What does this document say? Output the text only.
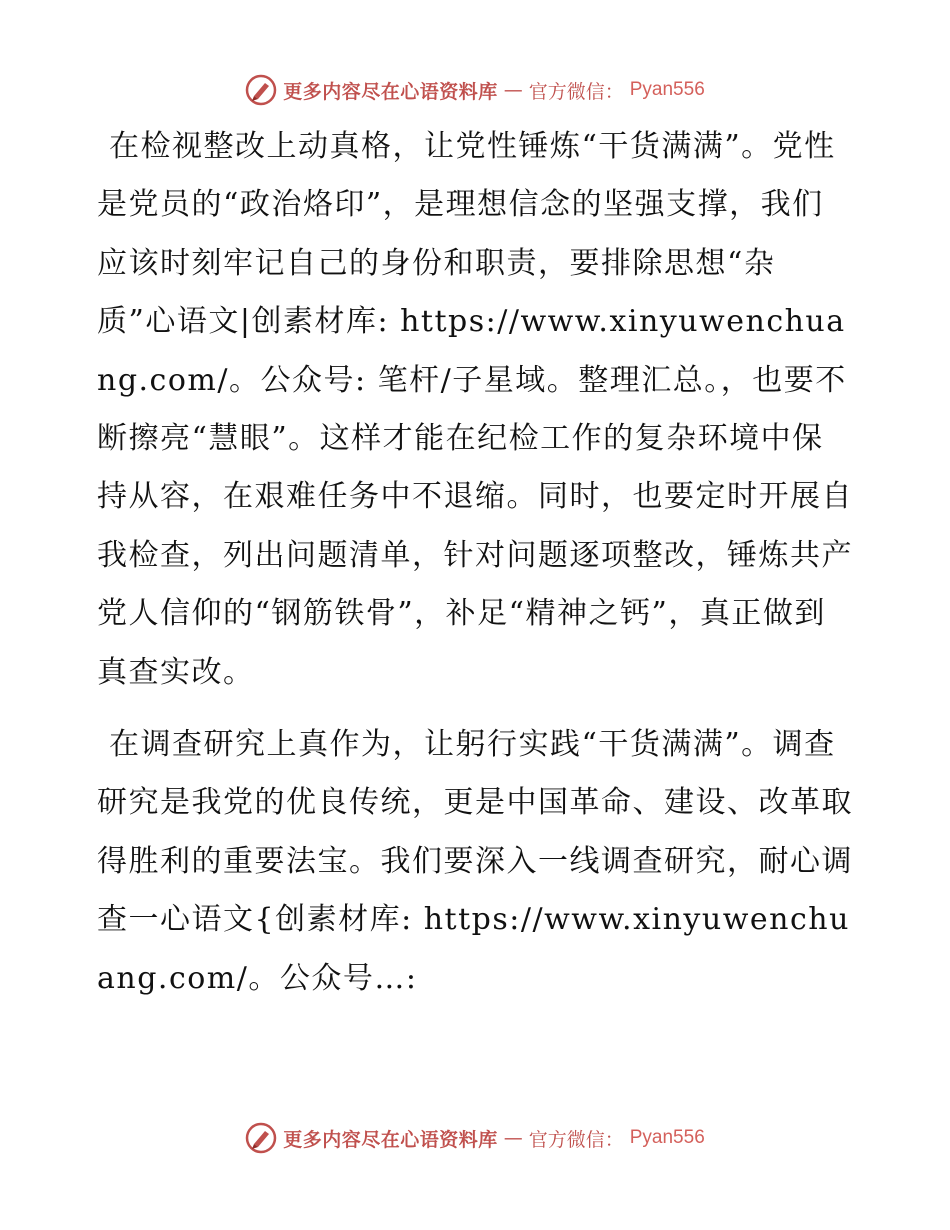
更多内容尽在心语资料库 — 官方微信： Pyan556

在检视整改上动真格，让党性锤炼“干货满满”。党性是党员的“政治烙印”，是理想信念的坚强支撑，我们应该时刻牢记自己的身份和职责，要排除思想“杂质”心语文|创素材库: https://www.xinyuwenchuang.com/。公众号: 笔杆/子星域。整理汇总。，也要不断擦亮“慧眼”。这样才能在纪检工作的复杂环境中保持从容，在艰难任务中不退缩。同时，也要定时开展自我检查，列出问题清单，针对问题逐项整改，锤炼共产党人信仰的“钢筋铁骨”，补足“精神之钙”，真正做到真查实改。

在调查研究上真作为，让躬行实践“干货满满”。调查研究是我党的优良传统，更是中国革命、建设、改革取得胜利的重要法宝。我们要深入一线调查研究，耐心调查一心语文{创素材库: https://www.xinyuwenchuang.com/。公众号…:

更多内容尽在心语资料库 — 官方微信： Pyan556
